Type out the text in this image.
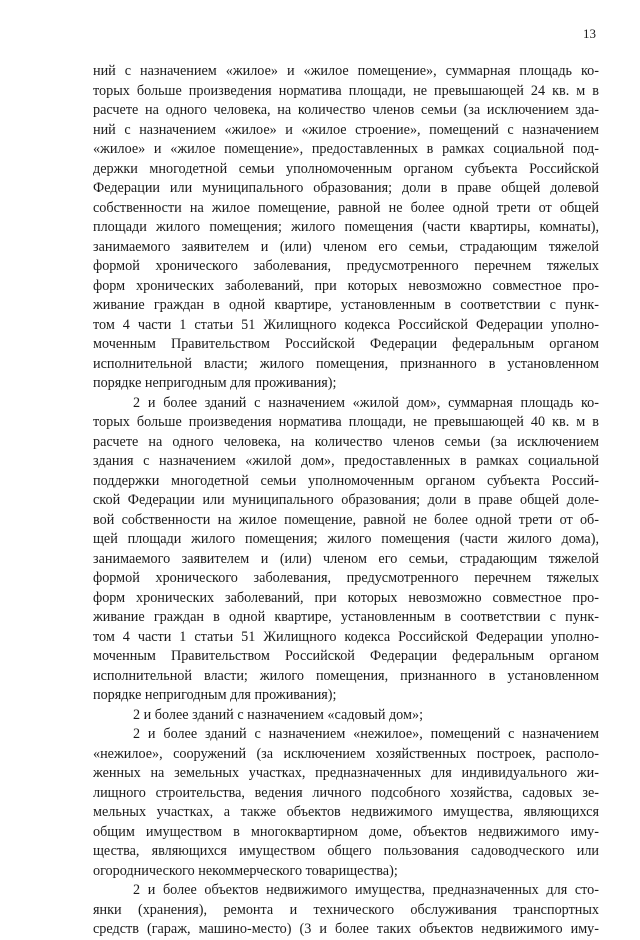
13
ний с назначением «жилое» и «жилое помещение», суммарная площадь ко-
торых больше произведения норматива площади, не превышающей 24 кв. м в
расчете на одного человека, на количество членов семьи (за исключением зда-
ний с назначением «жилое» и «жилое строение», помещений с назначением
«жилое» и «жилое помещение», предоставленных в рамках социальной под-
держки многодетной семьи уполномоченным органом субъекта Российской
Федерации или муниципального образования; доли в праве общей долевой
собственности на жилое помещение, равной не более одной трети от общей
площади жилого помещения; жилого помещения (части квартиры, комнаты),
занимаемого заявителем и (или) членом его семьи, страдающим тяжелой
формой хронического заболевания, предусмотренного перечнем тяжелых
форм хронических заболеваний, при которых невозможно совместное про-
живание граждан в одной квартире, установленным в соответствии с пунк-
том 4 части 1 статьи 51 Жилищного кодекса Российской Федерации уполно-
моченным Правительством Российской Федерации федеральным органом
исполнительной власти; жилого помещения, признанного в установленном
порядке непригодным для проживания);
2 и более зданий с назначением «жилой дом», суммарная площадь ко-
торых больше произведения норматива площади, не превышающей 40 кв. м в
расчете на одного человека, на количество членов семьи (за исключением
здания с назначением «жилой дом», предоставленных в рамках социальной
поддержки многодетной семьи уполномоченным органом субъекта Россий-
ской Федерации или муниципального образования; доли в праве общей доле-
вой собственности на жилое помещение, равной не более одной трети от об-
щей площади жилого помещения; жилого помещения (части жилого дома),
занимаемого заявителем и (или) членом его семьи, страдающим тяжелой
формой хронического заболевания, предусмотренного перечнем тяжелых
форм хронических заболеваний, при которых невозможно совместное про-
живание граждан в одной квартире, установленным в соответствии с пунк-
том 4 части 1 статьи 51 Жилищного кодекса Российской Федерации уполно-
моченным Правительством Российской Федерации федеральным органом
исполнительной власти; жилого помещения, признанного в установленном
порядке непригодным для проживания);
2 и более зданий с назначением «садовый дом»;
2 и более зданий с назначением «нежилое», помещений с назначением
«нежилое», сооружений (за исключением хозяйственных построек, располо-
женных на земельных участках, предназначенных для индивидуального жи-
лищного строительства, ведения личного подсобного хозяйства, садовых зе-
мельных участках, а также объектов недвижимого имущества, являющихся
общим имуществом в многоквартирном доме, объектов недвижимого иму-
щества, являющихся имуществом общего пользования садоводческого или
огороднического некоммерческого товарищества);
2 и более объектов недвижимого имущества, предназначенных для сто-
янки (хранения), ремонта и технического обслуживания транспортных
средств (гараж, машино-место) (3 и более таких объектов недвижимого иму-
